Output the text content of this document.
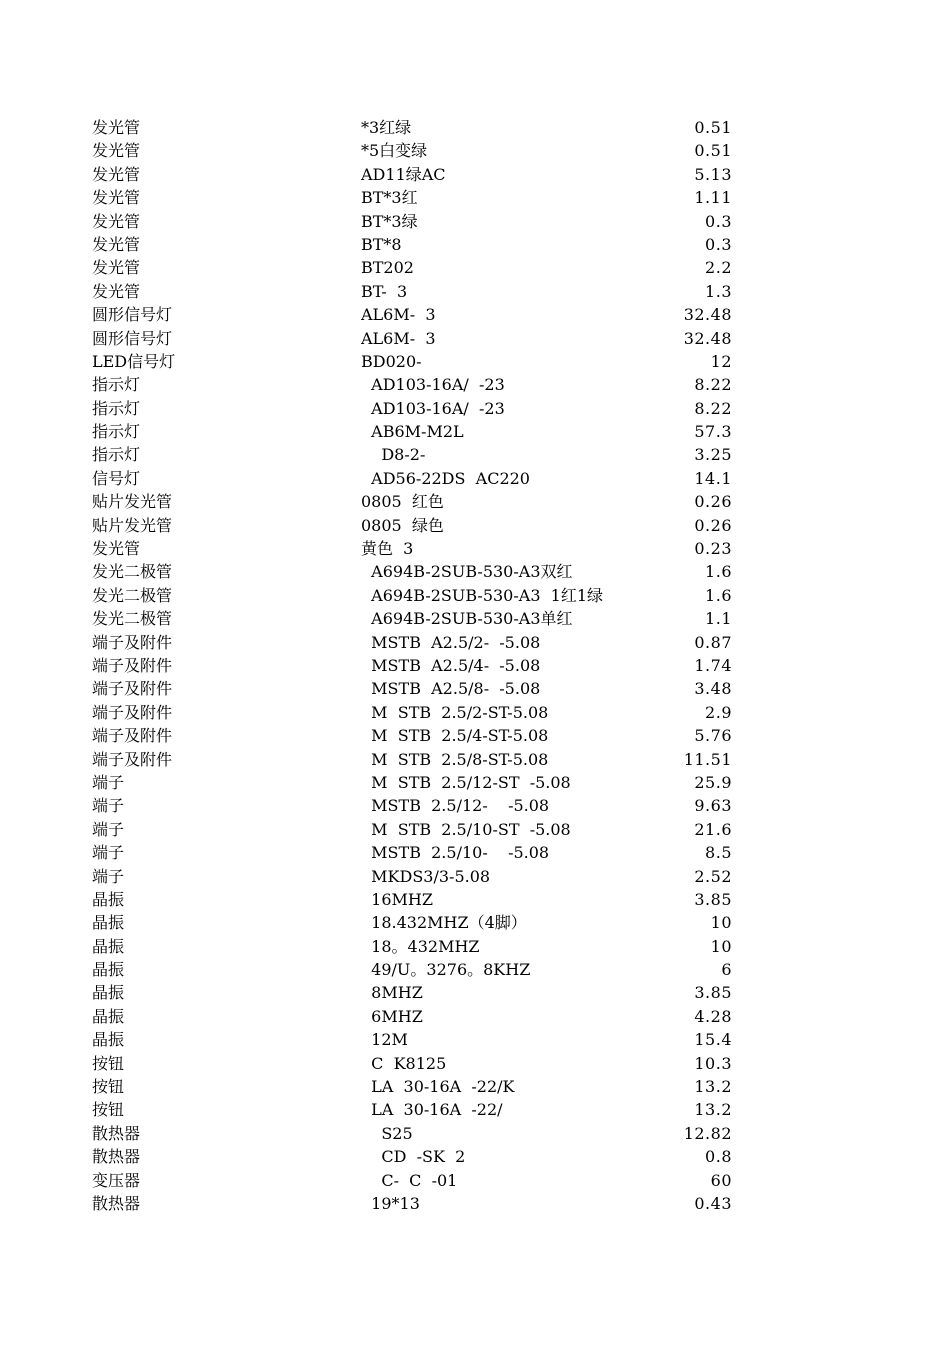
发光管	*3红绿	0.51
发光管	*5白变绿	0.51
发光管	AD11绿AC	5.13
发光管	BT*3红	1.11
发光管	BT*3绿	0.3
发光管	BT*8	0.3
发光管	BT202	2.2
发光管	BT-  3	1.3
圆形信号灯	AL6M-  3	32.48
圆形信号灯	AL6M-  3	32.48
LED信号灯	BD020-	12
指示灯	AD103-16A/  -23	8.22
指示灯	AD103-16A/  -23	8.22
指示灯	AB6M-M2L	57.3
指示灯	D8-2-	3.25
信号灯	AD56-22DS  AC220	14.1
贴片发光管	0805  红色	0.26
贴片发光管	0805  绿色	0.26
发光管	黄色  3	0.23
发光二极管	A694B-2SUB-530-A3双红	1.6
发光二极管	A694B-2SUB-530-A3  1红1绿	1.6
发光二极管	A694B-2SUB-530-A3单红	1.1
端子及附件	MSTB  A2.5/2-  -5.08	0.87
端子及附件	MSTB  A2.5/4-  -5.08	1.74
端子及附件	MSTB  A2.5/8-  -5.08	3.48
端子及附件	M  STB  2.5/2-ST-5.08	2.9
端子及附件	M  STB  2.5/4-ST-5.08	5.76
端子及附件	M  STB  2.5/8-ST-5.08	11.51
端子	M  STB  2.5/12-ST  -5.08	25.9
端子	MSTB  2.5/12-    -5.08	9.63
端子	M  STB  2.5/10-ST  -5.08	21.6
端子	MSTB  2.5/10-    -5.08	8.5
端子	MKDS3/3-5.08	2.52
晶振	16MHZ	3.85
晶振	18.432MHZ（4脚）	10
晶振	18。432MHZ	10
晶振	49/U。3276。8KHZ	6
晶振	8MHZ	3.85
晶振	6MHZ	4.28
晶振	12M	15.4
按钮	C  K8125	10.3
按钮	LA  30-16A  -22/K	13.2
按钮	LA  30-16A  -22/	13.2
散热器	S25	12.82
散热器	CD  -SK  2	0.8
变压器	C-  C  -01	60
散热器	19*13	0.43
